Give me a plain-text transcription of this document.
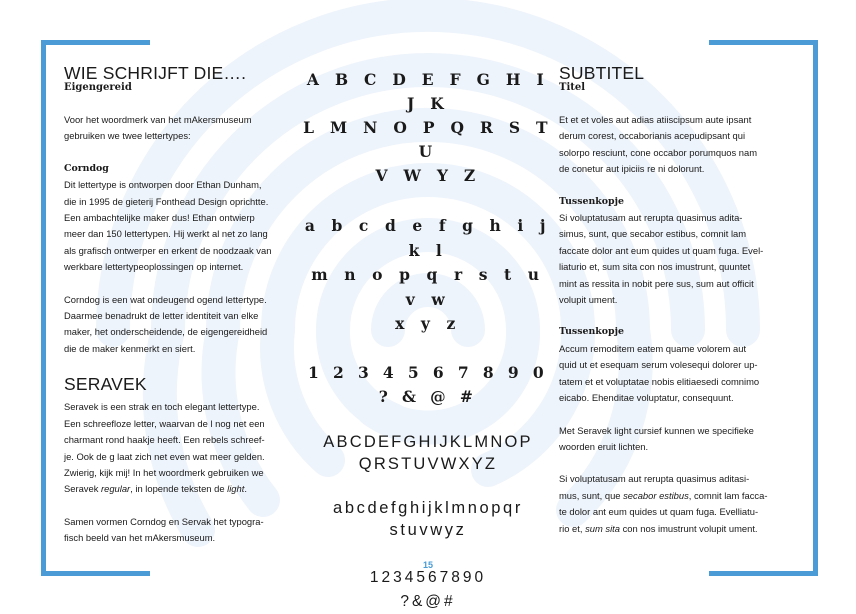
WIE SCHRIJFT DIE….
Eigengereid

Voor het woordmerk van het mAkersmuseum

gebruiken we twee lettertypes:

Corndog

Dit lettertype is ontworpen door Ethan Dunham,

die in 1995 de gieterij Fonthead Design oprichtte.

Een ambachtelijke maker dus! Ethan ontwierp

meer dan 150 lettertypen. Hij werkt al net zo lang

als grafisch ontwerper en erkent de noodzaak van

werkbare lettertypeoplossingen op internet.

Corndog is een wat ondeugend ogend lettertype.

Daarmee benadrukt de letter identiteit van elke

maker, het onderscheidende, de eigengereidheid

die de maker kenmerkt en siert.

SERAVEK

Seravek is een strak en toch elegant lettertype.

Een schreefloze letter, waarvan de l nog net een

charmant rond haakje heeft. Een rebels schreef-

je. Ook de g laat zich net even wat meer gelden.

Zwierig, kijk mij! In het woordmerk gebruiken we

Seravek regular, in lopende teksten de light.

Samen vormen Corndog en Servak het typogra-

fisch beeld van het mAkersmuseum.

A B C D E F G H I J K
L M N O P Q R S T U
V W Y Z
a b c d e f g h i j k l
m n o p q r s t u v w
x y z
1 2 3 4 5 6 7 8 9 0
? & @ #
ABCDEFGHIJKLMNOP
QRSTUVWXYZ
abcdefghijklmnopqr
stuvwyz
1234567890
?&@#
SUBTITEL
Titel

Et et et voles aut adias atiiscipsum aute ipsant

derum corest, occaborianis acepudipsant qui

solorpo resciunt, cone occabor porumquos nam

de conetur aut ipiciis re ni dolorunt.

Tussenkopje

Si voluptatusam aut rerupta quasimus adita-

simus, sunt, que secabor estibus, comnit lam

faccate dolor ant eum quides ut quam fuga. Evel-

liaturio et, sum sita con nos imustrunt, quuntet

mint as ressita in nobit pere sus, sum aut officit

volupit ument.

Tussenkopje

Accum remoditem eatem quame volorem aut

quid ut et esequam serum volesequi dolorer up-

tatem et et voluptatae nobis elitiaesedi comnimo

eicabo. Ehenditae voluptatur, consequunt.

Met Seravek light cursief kunnen we specifieke

woorden eruit lichten.

Si voluptatusam aut rerupta quasimus aditasi-

mus, sunt, que secabor estibus, comnit lam facca-

te dolor ant eum quides ut quam fuga. Evelliatu-

rio et, sum sita con nos imustrunt volupit ument.

15
